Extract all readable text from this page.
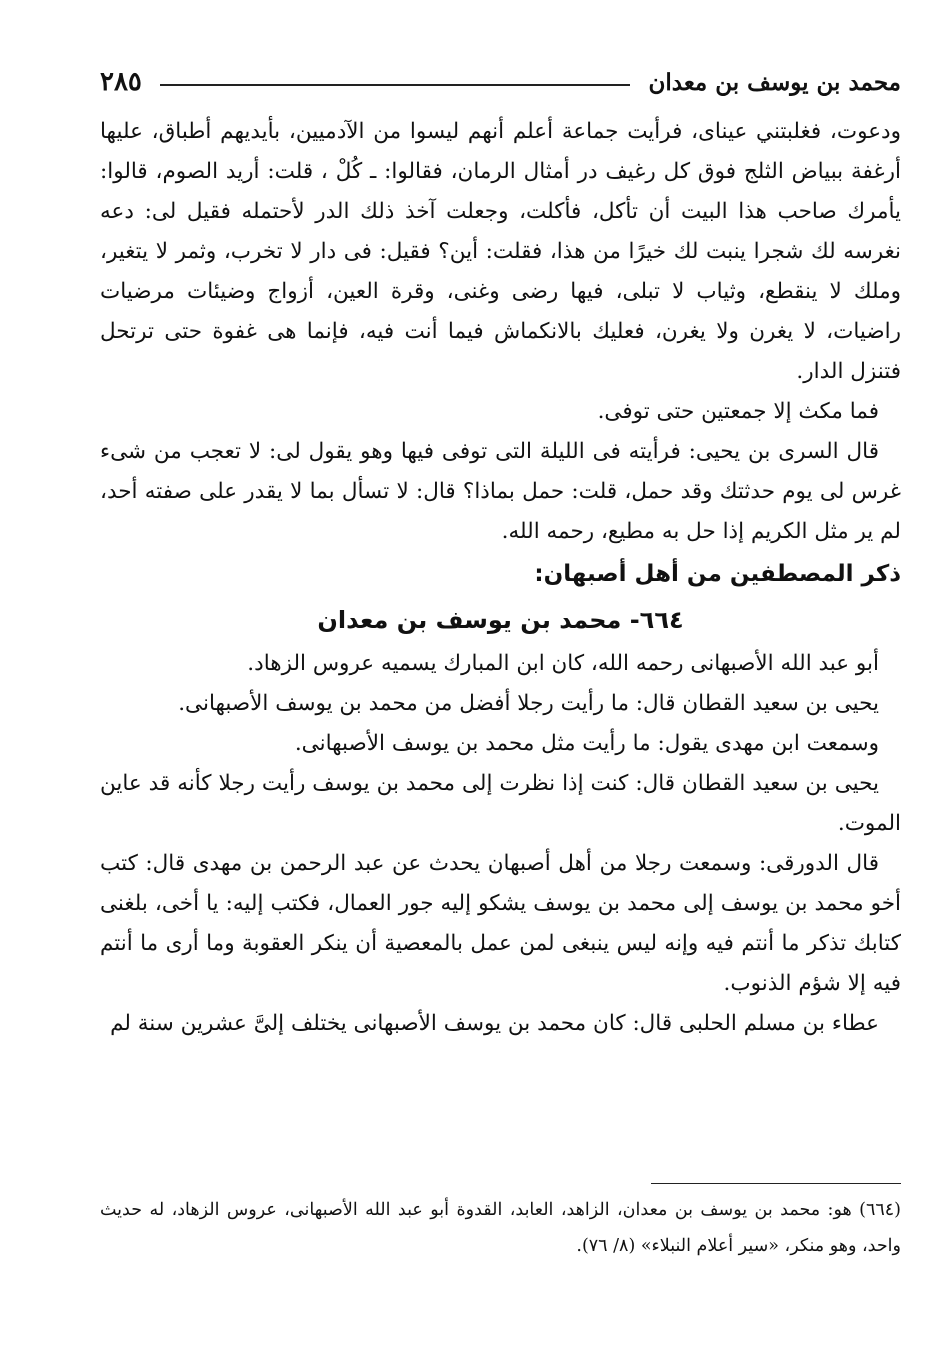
محمد بن يوسف بن معدان
٢٨٥

ودعوت، فغلبتني عيناى، فرأيت جماعة أعلم أنهم ليسوا من الآدميين، بأيديهم أطباق، عليها أرغفة ببياض الثلج فوق كل رغيف در أمثال الرمان، فقالوا: ـ كُلْ ، قلت: أريد الصوم، قالوا: يأمرك صاحب هذا البيت أن تأكل، فأكلت، وجعلت آخذ ذلك الدر لأحتمله فقيل لى: دعه نغرسه لك شجرا ينبت لك خيرًا من هذا، فقلت: أين؟ فقيل: فى دار لا تخرب، وثمر لا يتغير، وملك لا ينقطع، وثياب لا تبلى، فيها رضى وغنى، وقرة العين، أزواج وضيئات مرضيات راضيات، لا يغرن ولا يغرن، فعليك بالانكماش فيما أنت فيه، فإنما هى غفوة حتى ترتحل فتنزل الدار.

فما مكث إلا جمعتين حتى توفى.

قال السرى بن يحيى: فرأيته فى الليلة التى توفى فيها وهو يقول لى: لا تعجب من شىء غرس لى يوم حدثتك وقد حمل، قلت: حمل بماذا؟ قال: لا تسأل بما لا يقدر على صفته أحد، لم ير مثل الكريم إذا حل به مطيع، رحمه الله.

ذكر المصطفين من أهل أصبهان:

٦٦٤- محمد بن يوسف بن معدان

أبو عبد الله الأصبهانى رحمه الله، كان ابن المبارك يسميه عروس الزهاد.

يحيى بن سعيد القطان قال: ما رأيت رجلا أفضل من محمد بن يوسف الأصبهانى.

وسمعت ابن مهدى يقول: ما رأيت مثل محمد بن يوسف الأصبهانى.

يحيى بن سعيد القطان قال: كنت إذا نظرت إلى محمد بن يوسف رأيت رجلا كأنه قد عاين الموت.

قال الدورقى: وسمعت رجلا من أهل أصبهان يحدث عن عبد الرحمن بن مهدى قال: كتب أخو محمد بن يوسف إلى محمد بن يوسف يشكو إليه جور العمال، فكتب إليه: يا أخى، بلغنى كتابك تذكر ما أنتم فيه وإنه ليس ينبغى لمن عمل بالمعصية أن ينكر العقوبة وما أرى ما أنتم فيه إلا شؤم الذنوب.

عطاء بن مسلم الحلبى قال: كان محمد بن يوسف الأصبهانى يختلف إلىَّ عشرين سنة لم

(٦٦٤) هو: محمد بن يوسف بن معدان، الزاهد، العابد، القدوة أبو عبد الله الأصبهانى، عروس الزهاد، له حديث واحد، وهو منكر، «سير أعلام النبلاء» (٨/ ٧٦).
